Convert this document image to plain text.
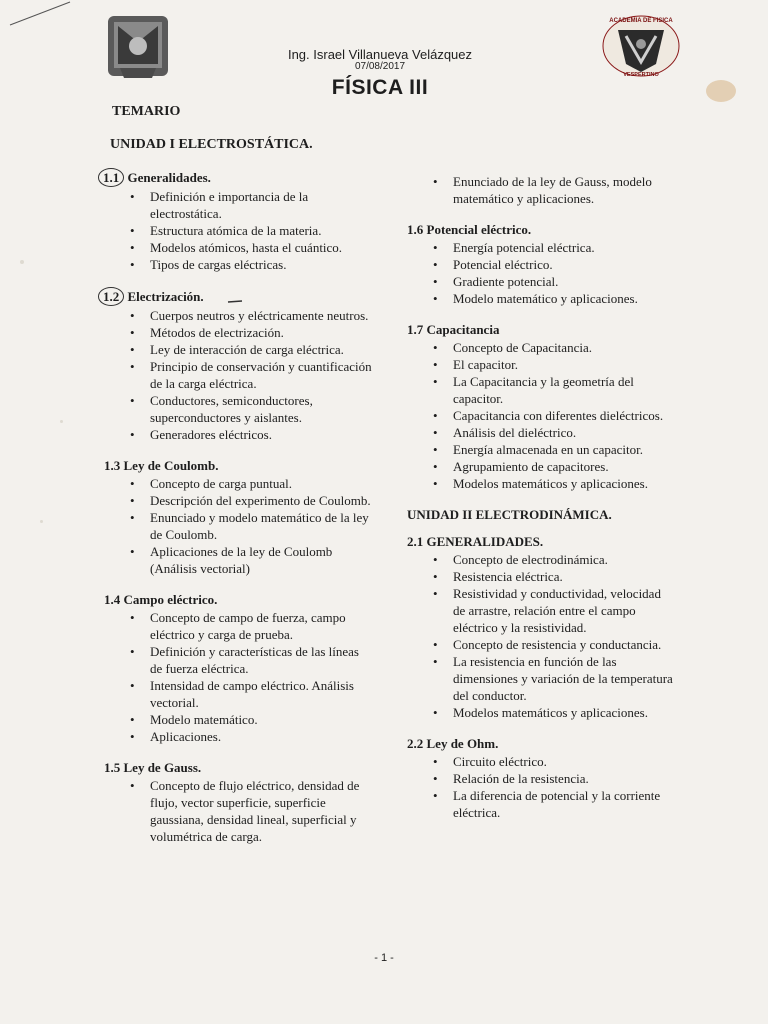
ACADEMIA DE FISICA
VESPERTINO
Ing. Israel Villanueva Velázquez
07/08/2017
FÍSICA III
TEMARIO
UNIDAD I ELECTROSTÁTICA.
1.1 Generalidades.
• Definición e importancia de la electrostática.
• Estructura atómica de la materia.
• Modelos atómicos, hasta el cuántico.
• Tipos de cargas eléctricas.
1.2 Electrización.
• Cuerpos neutros y eléctricamente neutros.
• Métodos de electrización.
• Ley de interacción de carga eléctrica.
• Principio de conservación y cuantificación de la carga eléctrica.
• Conductores, semiconductores, superconductores y aislantes.
• Generadores eléctricos.
1.3 Ley de Coulomb.
• Concepto de carga puntual.
• Descripción del experimento de Coulomb.
• Enunciado y modelo matemático de la ley de Coulomb.
• Aplicaciones de la ley de Coulomb (Análisis vectorial)
1.4 Campo eléctrico.
• Concepto de campo de fuerza, campo eléctrico y carga de prueba.
• Definición y características de las líneas de fuerza eléctrica.
• Intensidad de campo eléctrico. Análisis vectorial.
• Modelo matemático.
• Aplicaciones.
1.5 Ley de Gauss.
• Concepto de flujo eléctrico, densidad de flujo, vector superficie, superficie gaussiana, densidad lineal, superficial y volumétrica de carga.
• Enunciado de la ley de Gauss, modelo matemático y aplicaciones.
1.6 Potencial eléctrico.
• Energía potencial eléctrica.
• Potencial eléctrico.
• Gradiente potencial.
• Modelo matemático y aplicaciones.
1.7 Capacitancia
• Concepto de Capacitancia.
• El capacitor.
• La Capacitancia y la geometría del capacitor.
• Capacitancia con diferentes dieléctricos.
• Análisis del dieléctrico.
• Energía almacenada en un capacitor.
• Agrupamiento de capacitores.
• Modelos matemáticos y aplicaciones.
UNIDAD II ELECTRODINÁMICA.
2.1 GENERALIDADES.
• Concepto de electrodinámica.
• Resistencia eléctrica.
• Resistividad y conductividad, velocidad de arrastre, relación entre el campo eléctrico y la resistividad.
• Concepto de resistencia y conductancia.
• La resistencia en función de las dimensiones y variación de la temperatura del conductor.
• Modelos matemáticos y aplicaciones.
2.2 Ley de Ohm.
• Circuito eléctrico.
• Relación de la resistencia.
• La diferencia de potencial y la corriente eléctrica.
- 1 -
